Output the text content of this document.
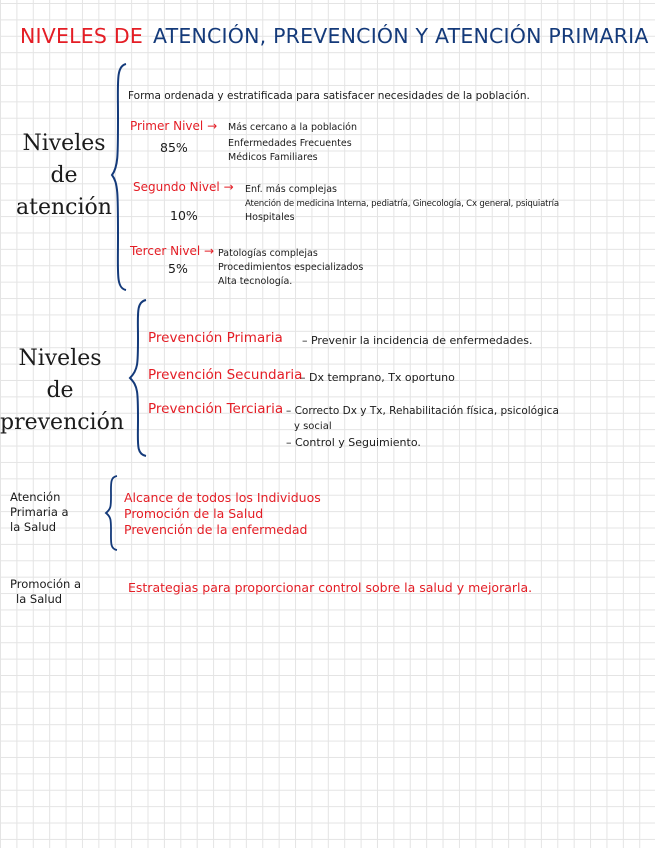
NIVELES DE ATENCIÓN, PREVENCIÓN Y ATENCIÓN PRIMARIA
Niveles
de
atención
Forma ordenada y estratificada para satisfacer necesidades de la población.
Primer Nivel →
85%
Más cercano a la población
Enfermedades Frecuentes
Médicos Familiares
Segundo Nivel →
10%
Enf. más complejas
Atención de medicina Interna, pediatría, Ginecología, Cx general, psiquiatría
Hospitales
Tercer Nivel →
5%
Patologías complejas
Procedimientos especializados
Alta tecnología.
Niveles
de
prevención
Prevención Primaria – Prevenir la incidencia de enfermedades.
Prevención Secundaria
– Dx temprano, Tx oportuno
Prevención Terciaria – Correcto Dx y Tx, Rehabilitación física, psicológica
y social
– Control y Seguimiento.
Atención
Primaria a
la Salud
Alcance de todos los Individuos
Promoción de la Salud
Prevención de la enfermedad
Promoción a
la Salud
Estrategias para proporcionar control sobre la salud y mejorarla.
